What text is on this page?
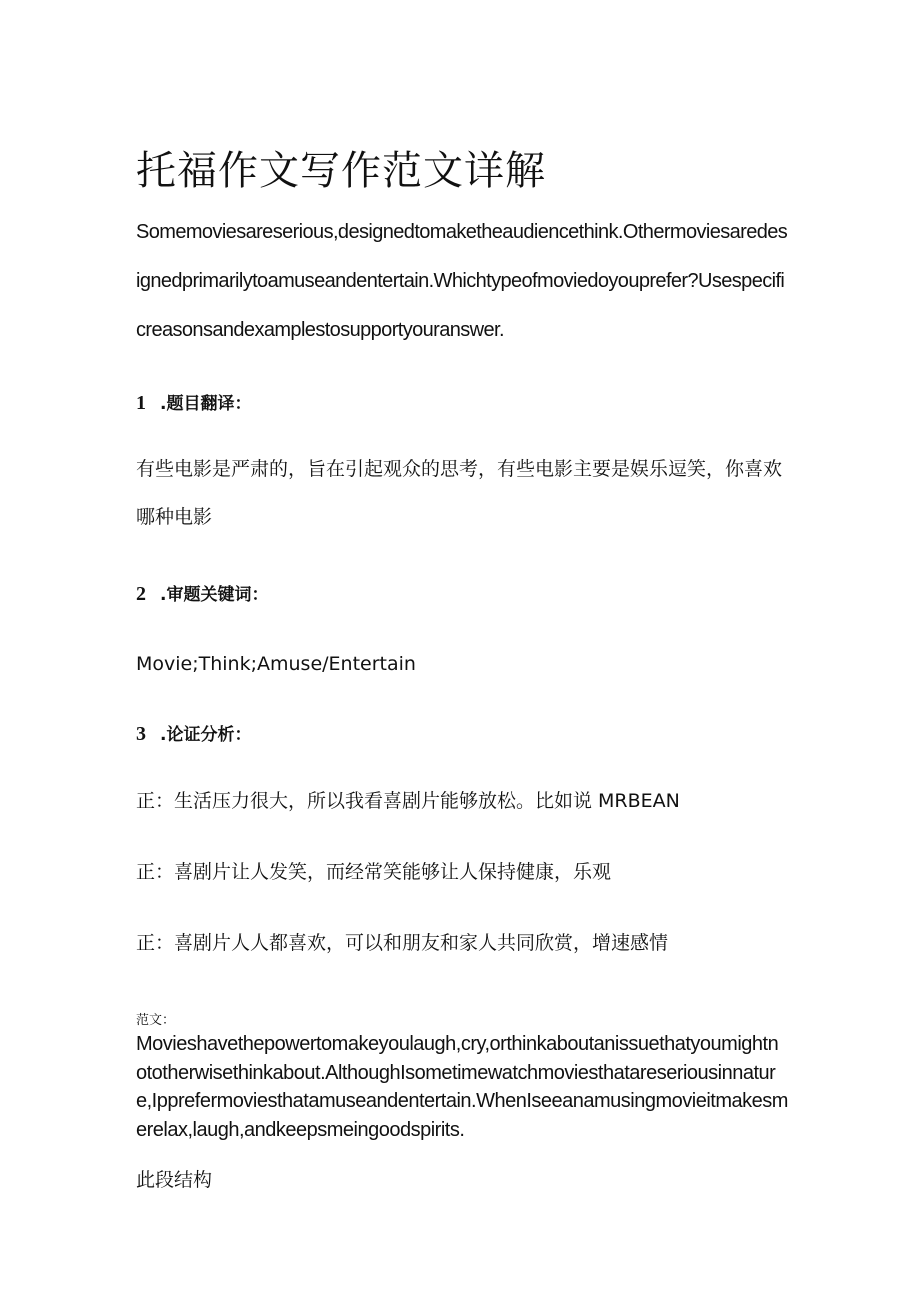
托福作文写作范文详解

Somemoviesareserious,designedtomaketheaudiencethink.Othermoviesaredesignedprimarilytoamuseandentertain.Whichtypeofmoviedoyouprefer?Usespecificreasonsandexamplestosupportyouranswer.

1 .题目翻译：

有些电影是严肃的，旨在引起观众的思考，有些电影主要是娱乐逗笑，你喜欢哪种电影

2 .审题关键词：
Movie;Think;Amuse/Entertain
3 .论证分析：
正：生活压力很大，所以我看喜剧片能够放松。比如说 MRBEAN
正：喜剧片让人发笑，而经常笑能够让人保持健康，乐观
正：喜剧片人人都喜欢，可以和朋友和家人共同欣赏，增速感情
范文：

Movieshavethepowertomakeyoulaugh,cry,orthinkaboutanissuethatyoumightnototherwisethinkabout.AlthoughIsometimewatchmoviesthatareseriousinnature,Ipprefermoviesthatamuseandentertain.WhenIseeanamusingmovieitmakesmerelax,laugh,andkeepsmeingoodspirits.

此段结构
